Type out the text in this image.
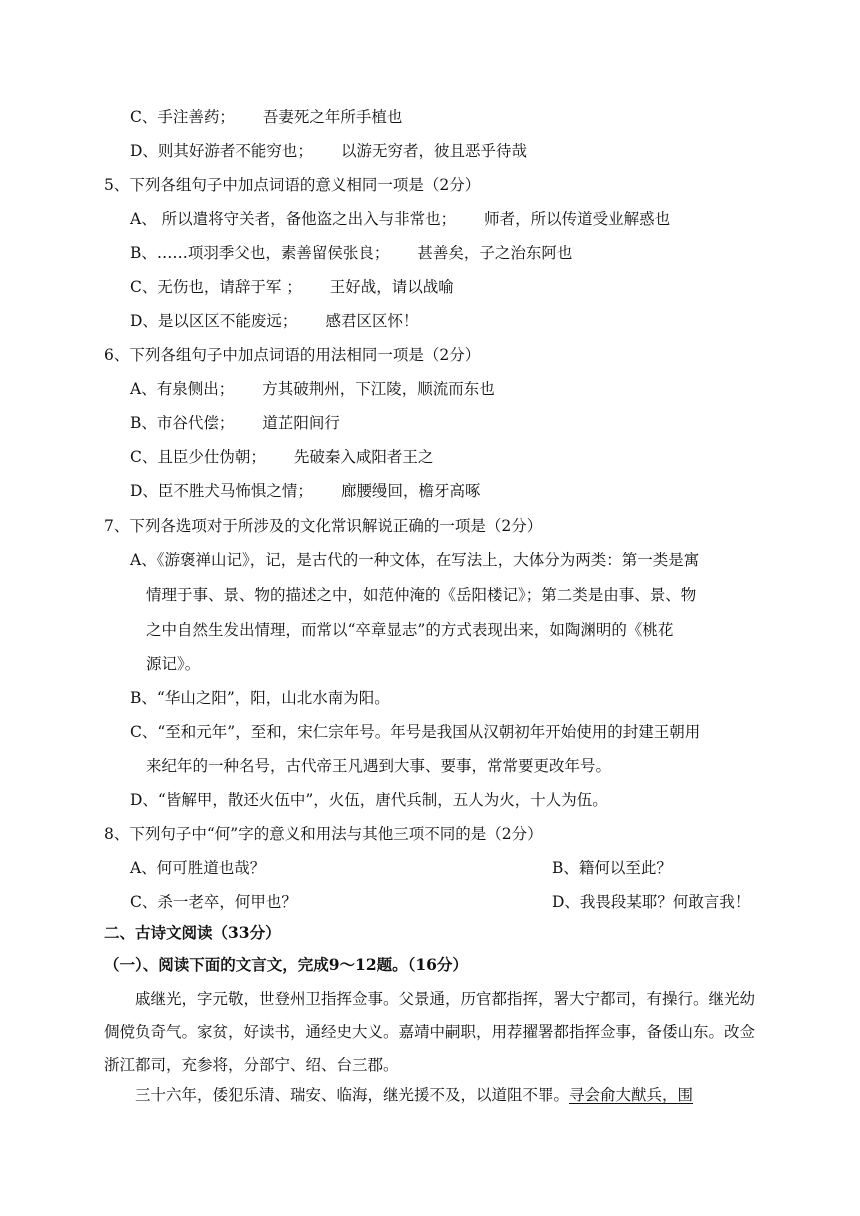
C、手注善药； 吾妻死之年所手植也
D、则其好游者不能穷也； 以游无穷者，彼且恶乎待哉
5、下列各组句子中加点词语的意义相同一项是（2分）
A、 所以遣将守关者，备他盗之出入与非常也； 师者，所以传道受业解惑也
B、……项羽季父也，素善留侯张良； 甚善矣，子之治东阿也
C、无伤也，请辞于军 ； 王好战，请以战喻
D、是以区区不能废远； 感君区区怀！
6、下列各组句子中加点词语的用法相同一项是（2分）
A、有泉侧出； 方其破荆州，下江陵，顺流而东也
B、市谷代偿； 道芷阳间行
C、且臣少仕伪朝； 先破秦入咸阳者王之
D、臣不胜犬马怖惧之情； 廊腰缦回，檐牙高啄
7、下列各选项对于所涉及的文化常识解说正确的一项是（2分）
A、《游褒禅山记》，记，是古代的一种文体，在写法上，大体分为两类：第一类是寓
情理于事、景、物的描述之中，如范仲淹的《岳阳楼记》；第二类是由事、景、物
之中自然生发出情理，而常以“卒章显志”的方式表现出来，如陶渊明的《桃花
源记》。
B、“华山之阳”，阳，山北水南为阳。
C、“至和元年”，至和，宋仁宗年号。年号是我国从汉朝初年开始使用的封建王朝用
来纪年的一种名号，古代帝王凡遇到大事、要事，常常要更改年号。
D、“皆解甲，散还火伍中”，火伍，唐代兵制，五人为火，十人为伍。
8、下列句子中“何”字的意义和用法与其他三项不同的是（2分）
A、何可胜道也哉？	B、籍何以至此？
C、杀一老卒，何甲也？	D、我畏段某耶？何敢言我！
二、古诗文阅读（33分）
（一）、阅读下面的文言文，完成9～12题。（16分）
戚继光，字元敬，世登州卫指挥佥事。父景通，历官都指挥，署大宁都司，有操行。继光幼倜傥负奇气。家贫，好读书，通经史大义。嘉靖中嗣职，用荐擢署都指挥佥事，备倭山东。改佥浙江都司，充参将，分部宁、绍、台三郡。
三十六年，倭犯乐清、瑞安、临海，继光援不及，以道阻不罪。寻会俞大猷兵，围
